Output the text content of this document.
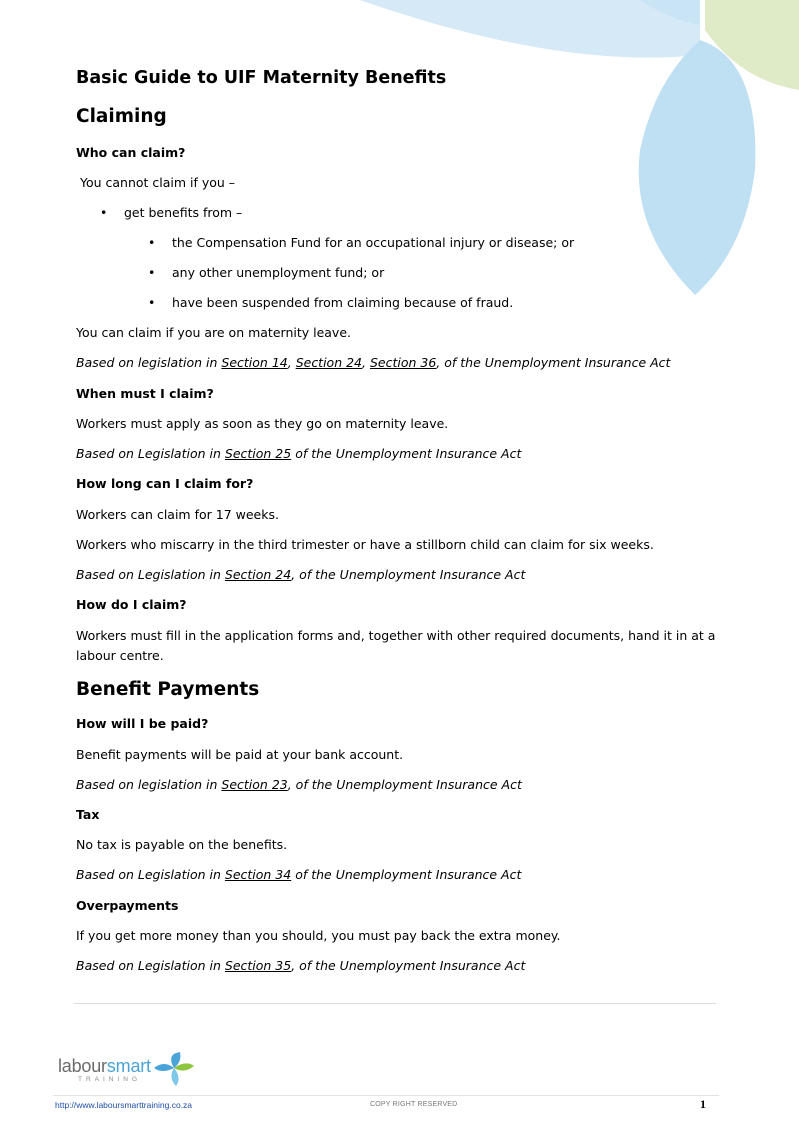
Basic Guide to UIF Maternity Benefits
Claiming

Who can claim?

You cannot claim if you –

• get benefits from –

• the Compensation Fund for an occupational injury or disease; or

• any other unemployment fund; or

• have been suspended from claiming because of fraud.

You can claim if you are on maternity leave.

Based on legislation in Section 14, Section 24, Section 36, of the Unemployment Insurance Act

When must I claim?

Workers must apply as soon as they go on maternity leave.

Based on Legislation in Section 25 of the Unemployment Insurance Act

How long can I claim for?

Workers can claim for 17 weeks.

Workers who miscarry in the third trimester or have a stillborn child can claim for six weeks.

Based on Legislation in Section 24, of the Unemployment Insurance Act

How do I claim?

Workers must fill in the application forms and, together with other required documents, hand it in at a labour centre.

Benefit Payments

How will I be paid?

Benefit payments will be paid at your bank account.

Based on legislation in Section 23, of the Unemployment Insurance Act

Tax

No tax is payable on the benefits.

Based on Legislation in Section 34 of the Unemployment Insurance Act

Overpayments

If you get more money than you should, you must pay back the extra money.

Based on Legislation in Section 35, of the Unemployment Insurance Act

laboursmart
TRAINING
http://www.laboursmarttraining.co.za	COPY RIGHT RESERVED	1
